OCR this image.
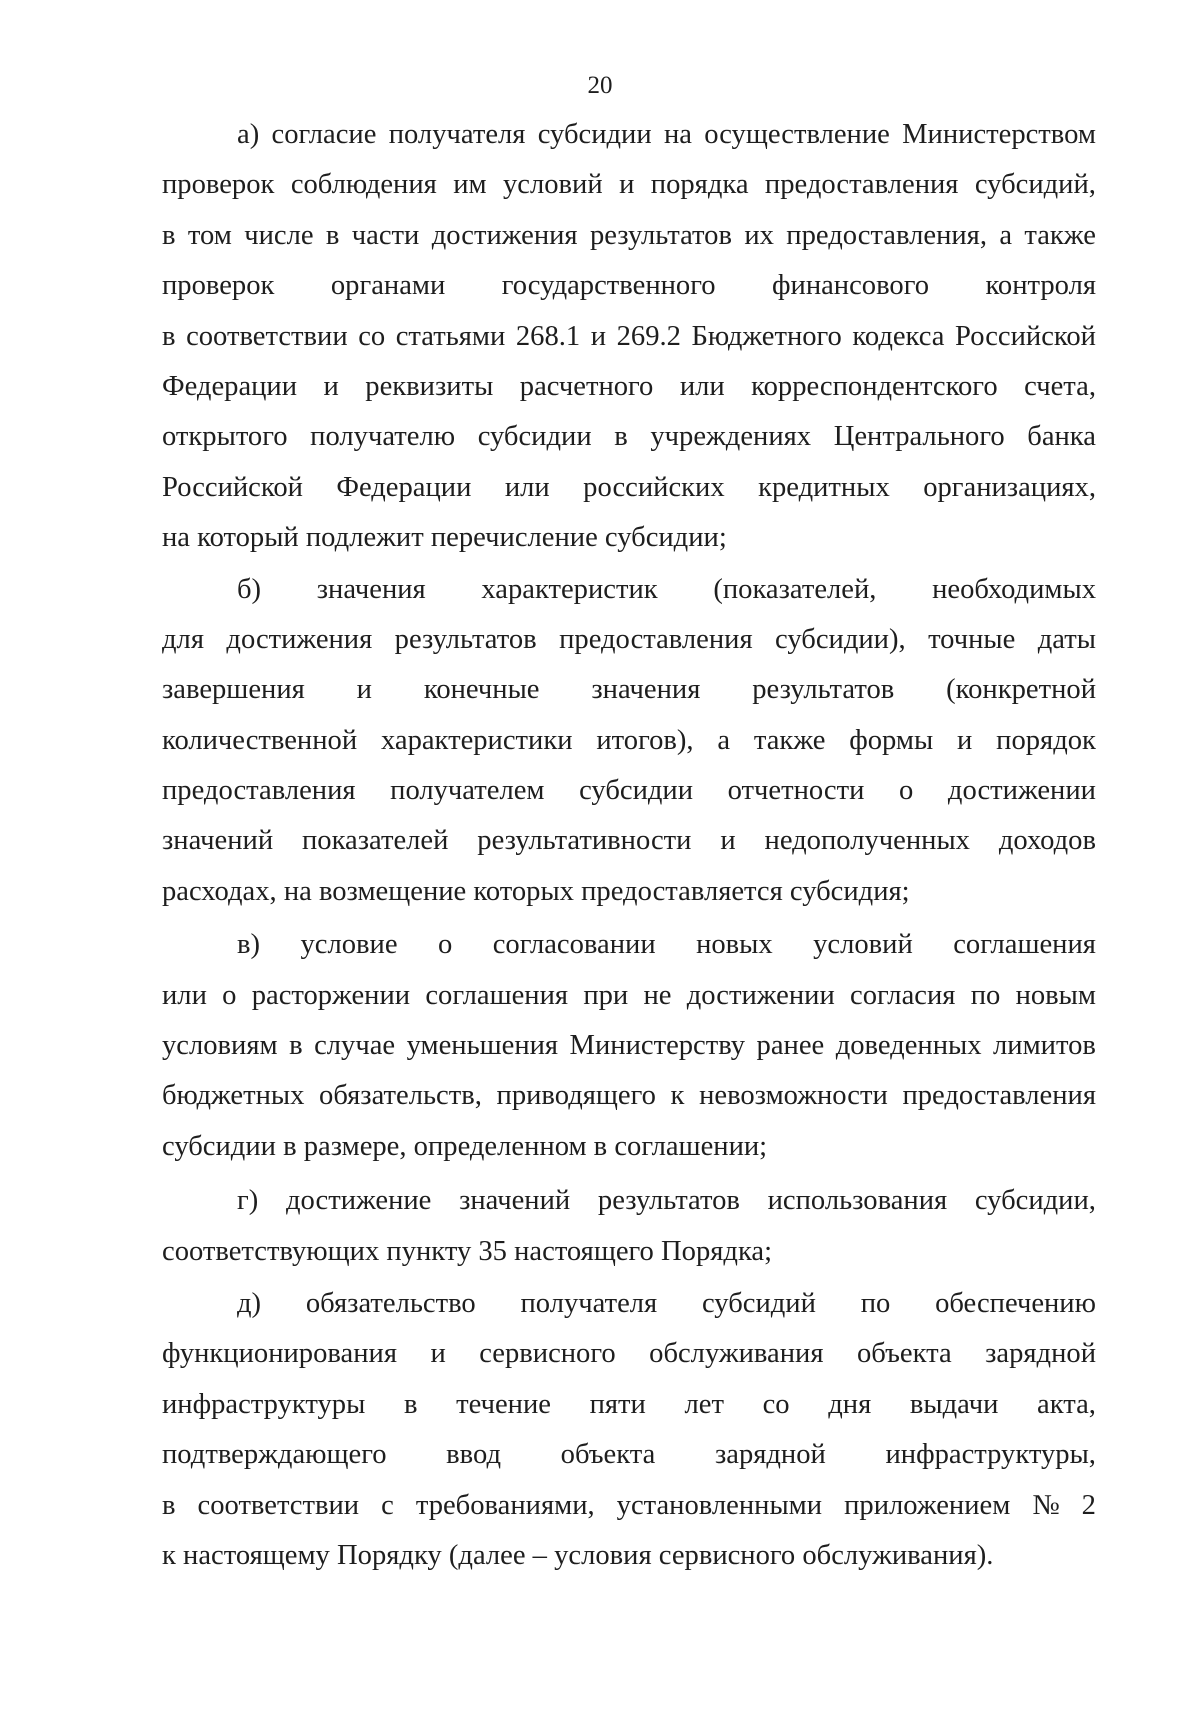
20
а) согласие получателя субсидии на осуществление Министерством
проверок соблюдения им условий и порядка предоставления субсидий,
в том числе в части достижения результатов их предоставления, а также
проверок органами государственного финансового контроля
в соответствии со статьями 268.1 и 269.2 Бюджетного кодекса Российской
Федерации и реквизиты расчетного или корреспондентского счета,
открытого получателю субсидии в учреждениях Центрального банка
Российской Федерации или российских кредитных организациях,
на который подлежит перечисление субсидии;
б) значения характеристик (показателей, необходимых
для достижения результатов предоставления субсидии), точные даты
завершения и конечные значения результатов (конкретной
количественной характеристики итогов), а также формы и порядок
предоставления получателем субсидии отчетности о достижении
значений показателей результативности и недополученных доходов
расходах, на возмещение которых предоставляется субсидия;
в) условие о согласовании новых условий соглашения
или о расторжении соглашения при не достижении согласия по новым
условиям в случае уменьшения Министерству ранее доведенных лимитов
бюджетных обязательств, приводящего к невозможности предоставления
субсидии в размере, определенном в соглашении;
г) достижение значений результатов использования субсидии,
соответствующих пункту 35 настоящего Порядка;
д) обязательство получателя субсидий по обеспечению
функционирования и сервисного обслуживания объекта зарядной
инфраструктуры в течение пяти лет со дня выдачи акта,
подтверждающего ввод объекта зарядной инфраструктуры,
в соответствии с требованиями, установленными приложением № 2
к настоящему Порядку (далее – условия сервисного обслуживания).
